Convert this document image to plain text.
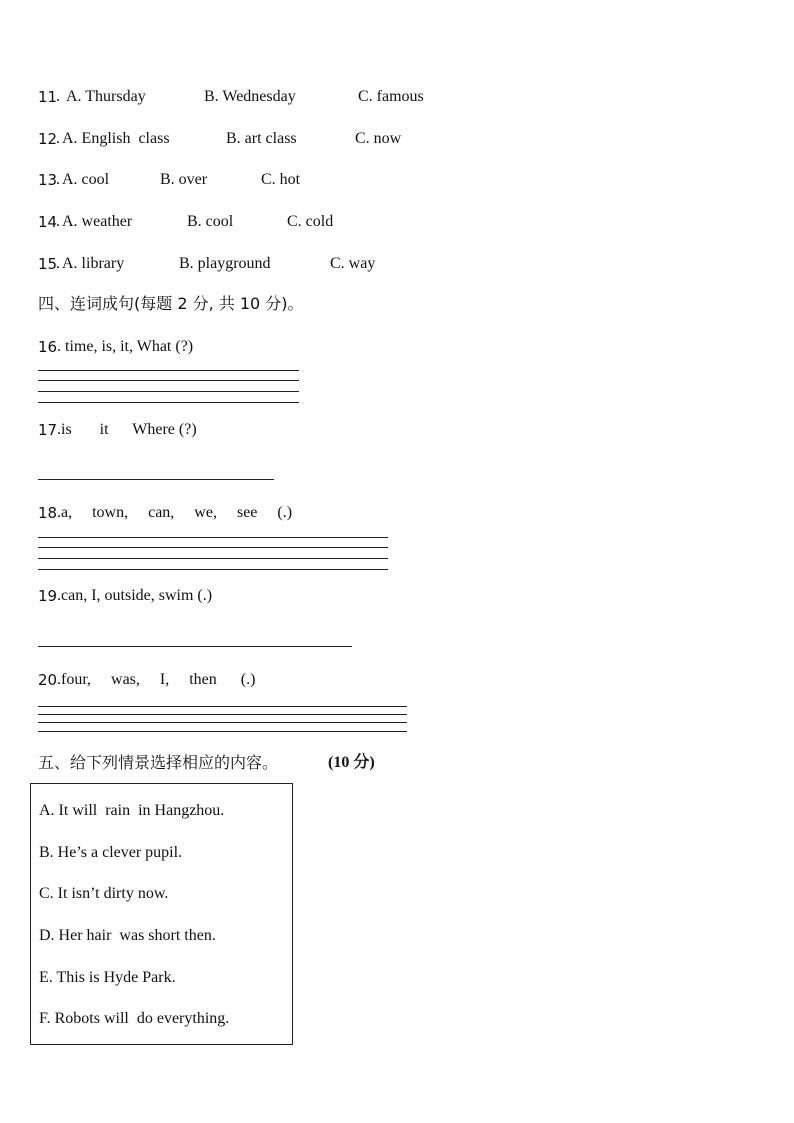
11
. A. Thursday	B. Wednesday	C. famous
12
. A. English  class	B. art class	C. now
13
. A. cool	B. over	C. hot
14
. A. weather	B. cool	C. cold
15
. A. library	B. playground	C. way
四、连词成句(每题 2 分, 共 10 分)。
16 . time, is, it, What (?)
17 .is       it      Where (?)
18 .a,     town,     can,     we,     see     (.)
19 .can, I, outside, swim (.)
20 .four,     was,     I,     then      (.)
五、给下列情景选择相应的内容。	(10 分)
A. It will  rain  in Hangzhou.
B. He’s a clever pupil.
C. It isn’t dirty now.
D. Her hair  was short then.
E. This is Hyde Park.
F. Robots will  do everything.
